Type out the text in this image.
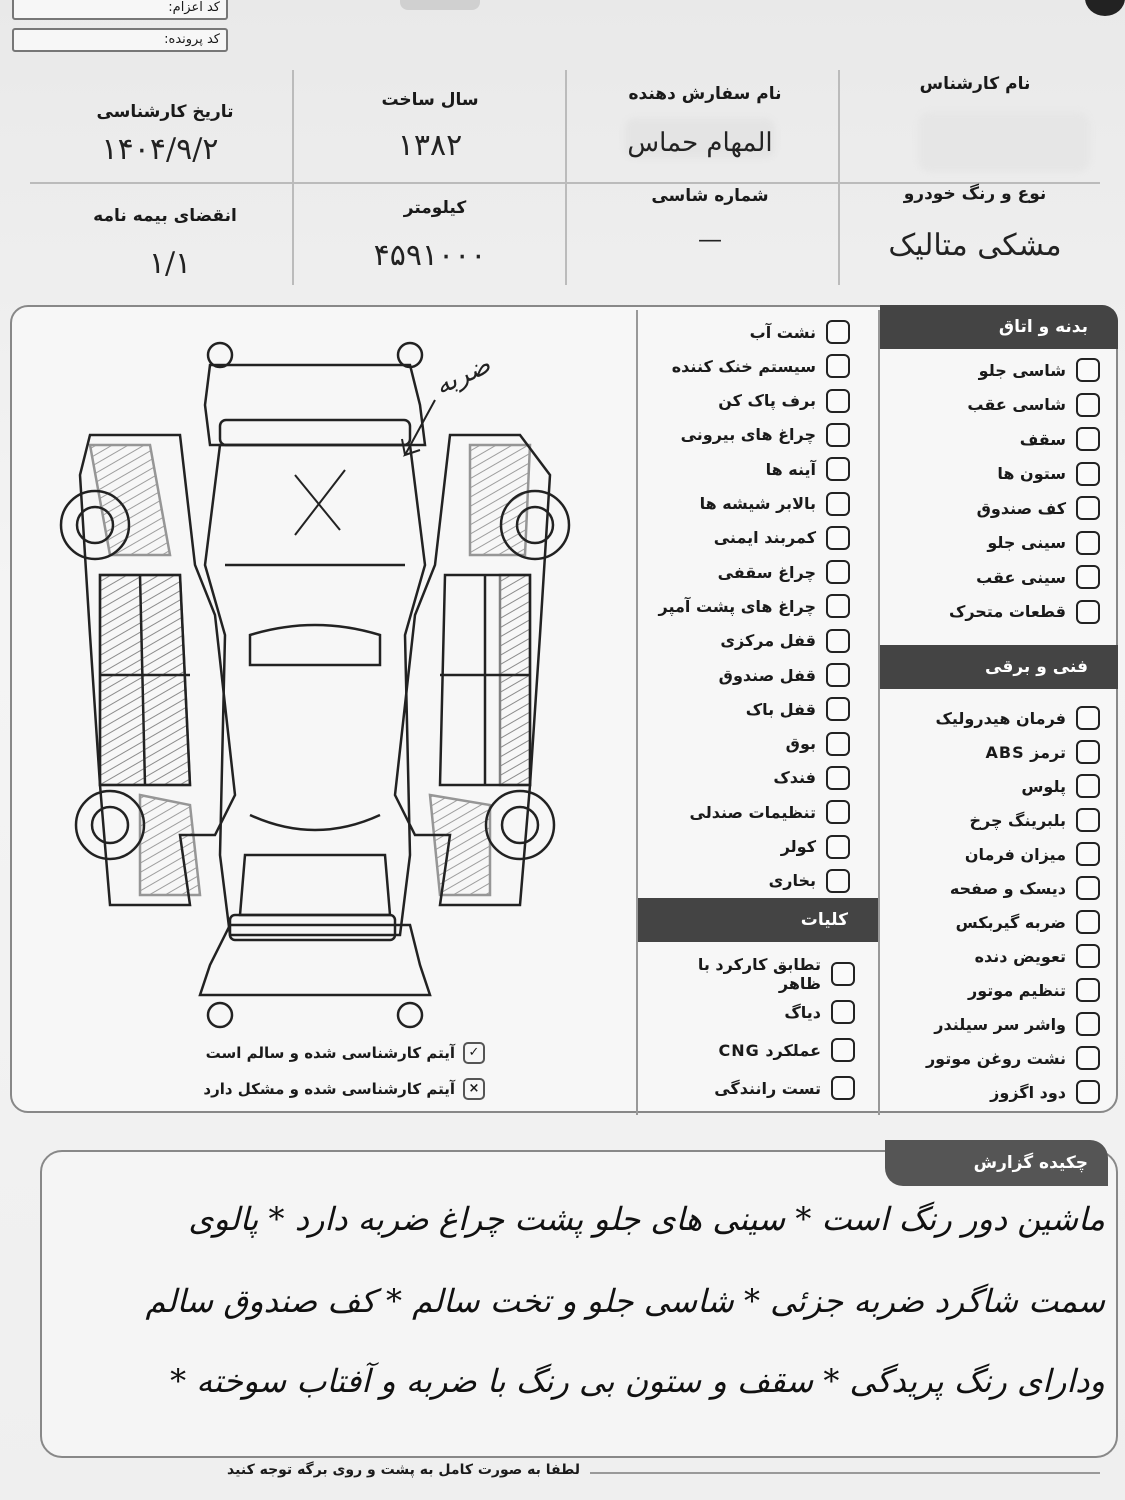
کد اعزام:
کد پرونده:
نام کارشناس
نام سفارش دهنده
سال ساخت
تاریخ کارشناسی
المهام حماس
۱۳۸۲
۱۴۰۴/۹/۲
نوع و رنگ خودرو
شماره شاسی
کیلومتر
انقضای بیمه نامه
مشکی متالیک
—
۴۵۹۱۰۰۰
۱/۱
بدنه و اتاق
شاسی جلو
شاسی عقب
سقف
ستون ها
کف صندوق
سینی جلو
سینی عقب
قطعات متحرک
فنی و برقی
فرمان هیدرولیک
ترمز ABS
پلوس
بلبرینگ چرخ
میزان فرمان
دیسک و صفحه
ضربه گیربکس
تعویض دنده
تنظیم موتور
واشر سر سیلندر
نشت روغن موتور
دود اگزوز
نشت آب
سیستم خنک کننده
برف پاک کن
چراغ های بیرونی
آینه ها
بالابر شیشه ها
کمربند ایمنی
چراغ سقفی
چراغ های پشت آمپر
قفل مرکزی
قفل صندوق
قفل باک
بوق
فندک
تنظیمات صندلی
کولر
بخاری
کلیات
تطابق کارکرد با ظاهر
دیاگ
عملکرد CNG
تست رانندگی
ضربه
✓
آیتم کارشناسی شده و سالم است
×
آیتم کارشناسی شده و مشکل دارد
چکیده گزارش
ماشین دور رنگ است * سینی های جلو پشت چراغ ضربه دارد * پالوی
سمت شاگرد ضربه جزئی * شاسی جلو و تخت سالم * کف صندوق سالم
ودارای رنگ پریدگی * سقف و ستون بی رنگ با ضربه و آفتاب سوخته *
لطفا به صورت کامل به پشت و روی برگه توجه کنید
